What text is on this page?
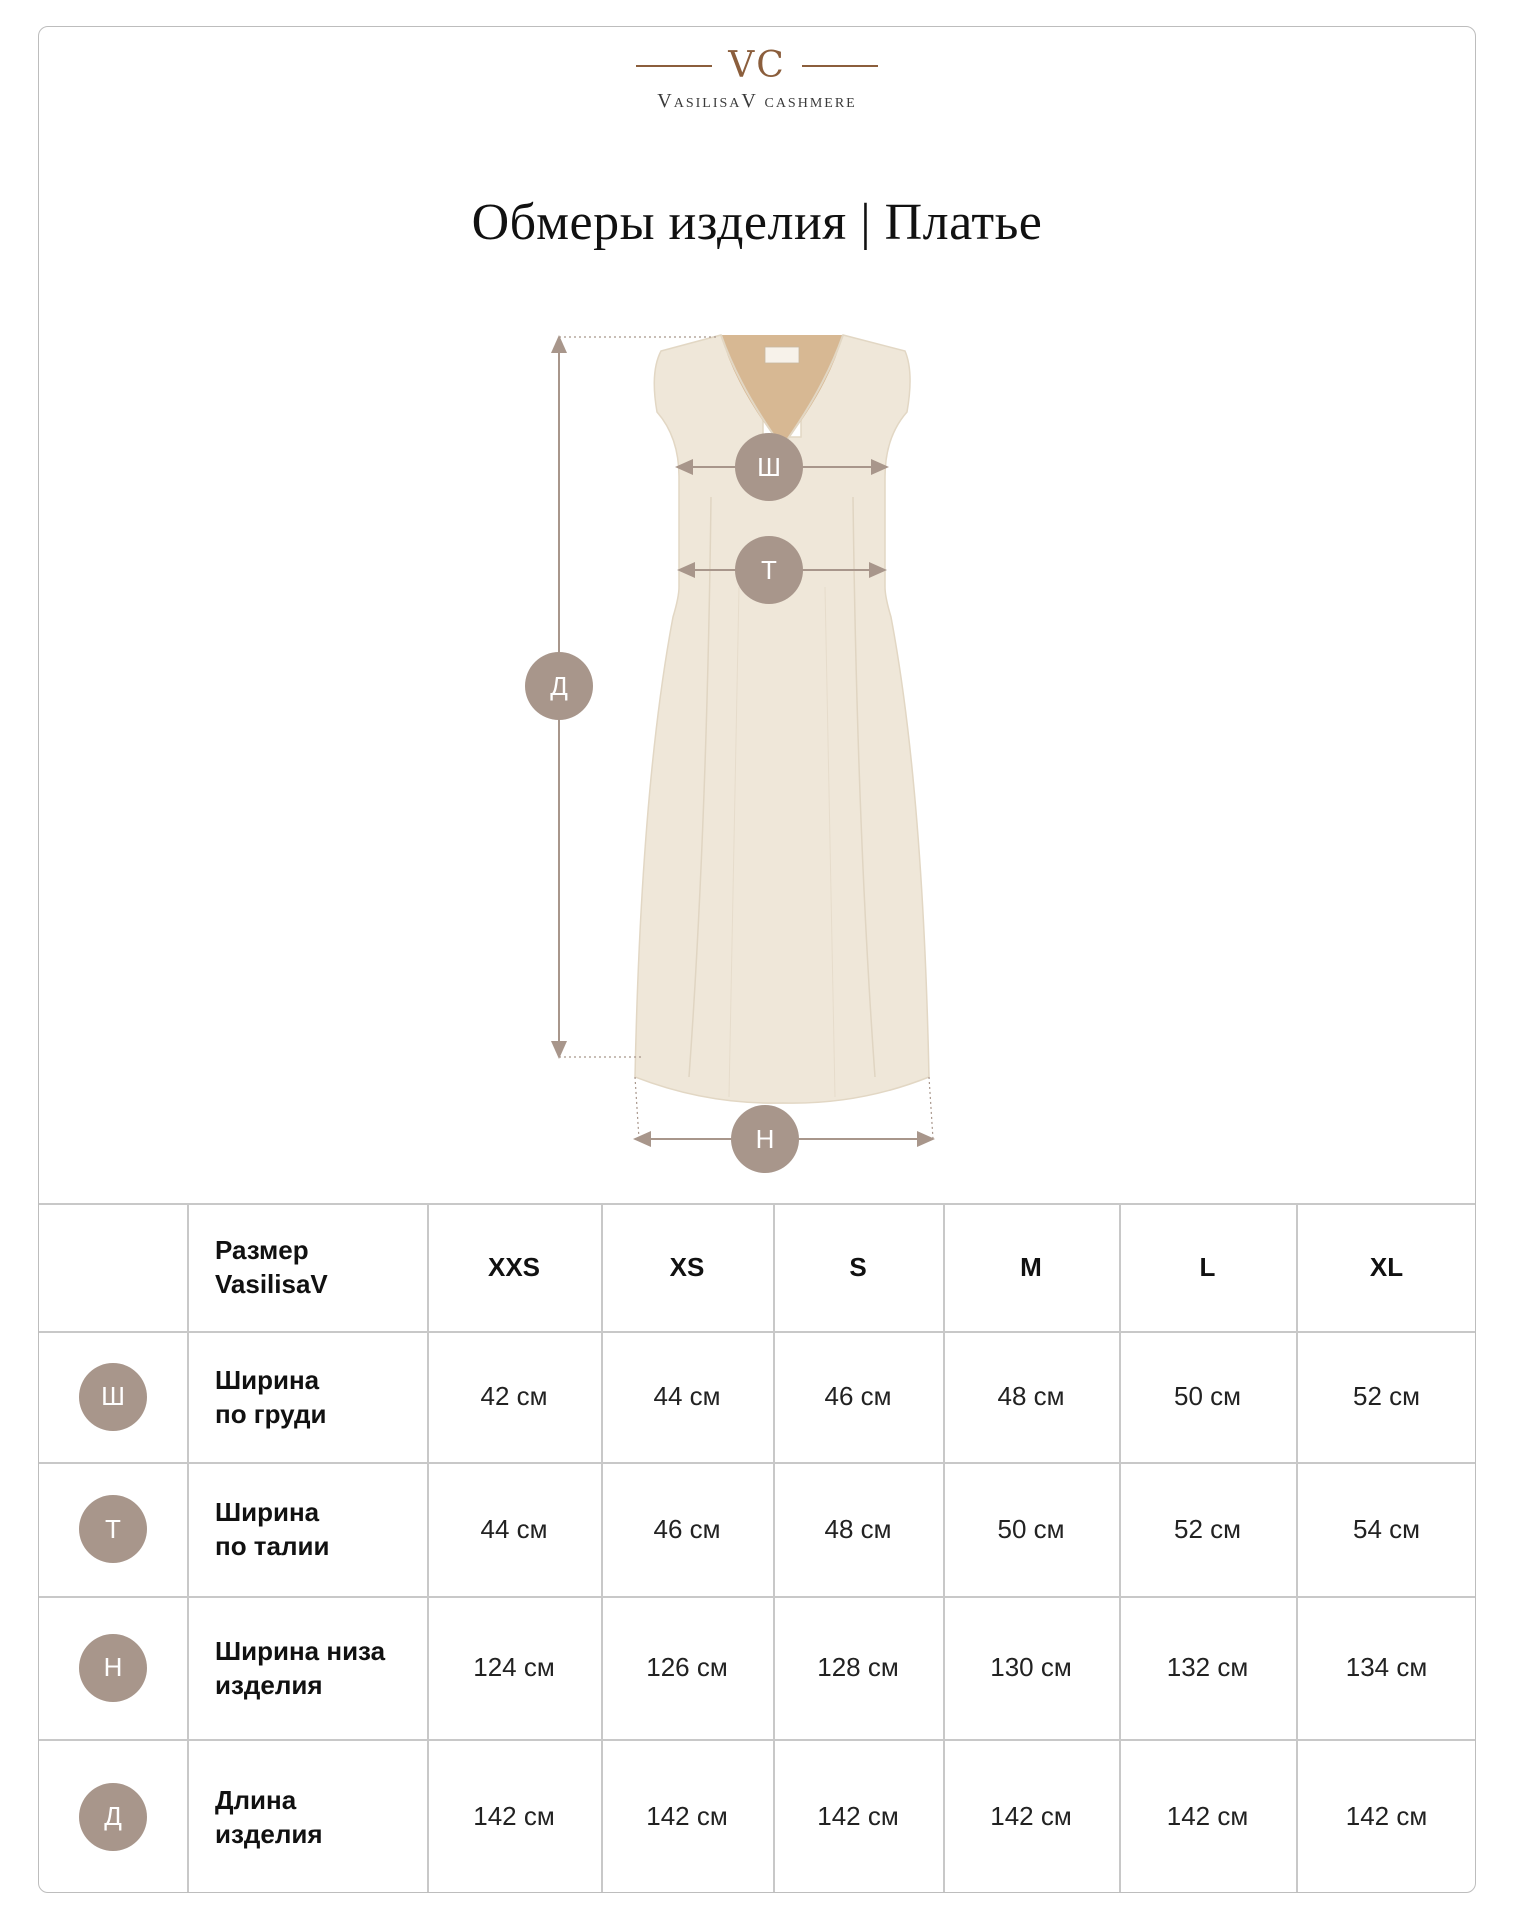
VC
VasilisaV cashmere
Обмеры изделия | Платье
Ш
Т
Д
Н
Размер
VasilisaV
XXS	XS	S	M	L	XL
Ш
Ширина
по груди
42 см	44 см	46 см	48 см	50 см	52 см
Т
Ширина
по талии
44 см	46 см	48 см	50 см	52 см	54 см
Н
Ширина низа
изделия
124 см	126 см	128 см	130 см	132 см	134 см
Д
Длина
изделия
142 см	142 см	142 см	142 см	142 см	142 см
